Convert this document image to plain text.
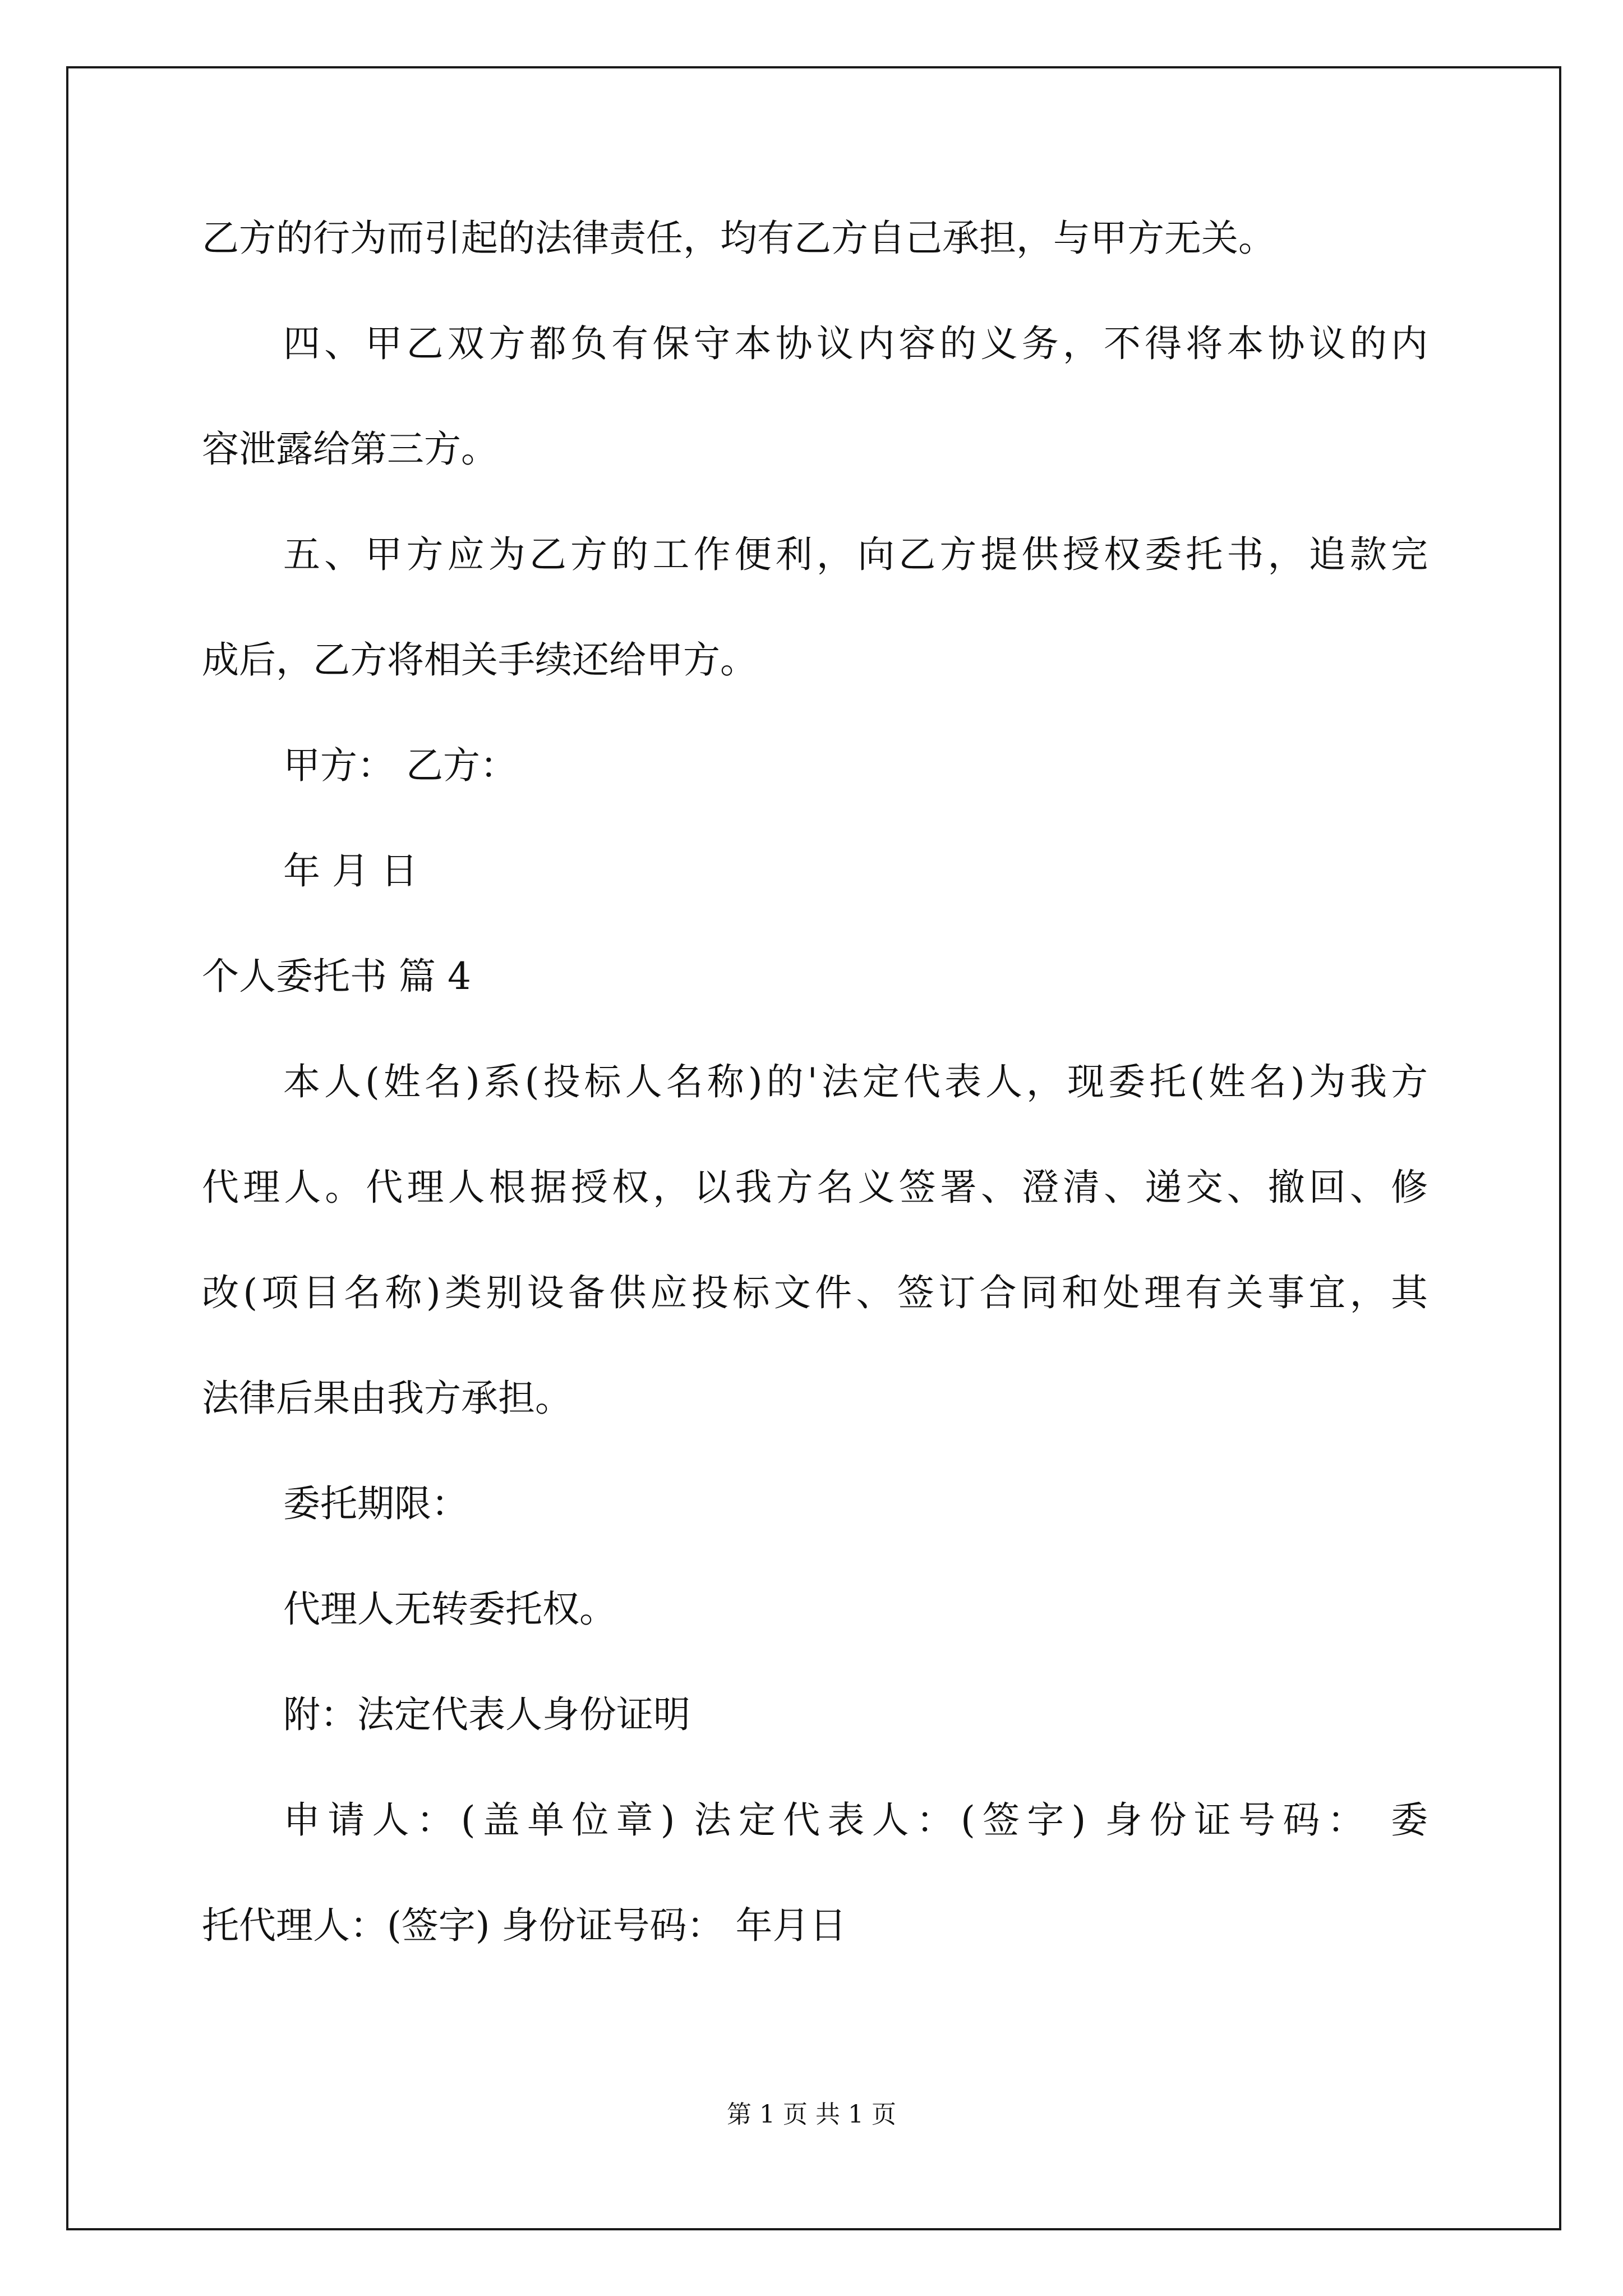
乙方的行为而引起的法律责任，均有乙方自己承担，与甲方无关。

四、甲乙双方都负有保守本协议内容的义务，不得将本协议的内

容泄露给第三方。

五、甲方应为乙方的工作便利，向乙方提供授权委托书，追款完

成后，乙方将相关手续还给甲方。

甲方： 乙方：

年 月 日

个人委托书 篇 4

本人(姓名)系(投标人名称)的'法定代表人，现委托(姓名)为我方

代理人。代理人根据授权，以我方名义签署、澄清、递交、撤回、修

改(项目名称)类别设备供应投标文件、签订合同和处理有关事宜，其

法律后果由我方承担。

委托期限：

代理人无转委托权。

附：法定代表人身份证明

申请人：(盖单位章) 法定代表人：(签字) 身份证号码： 委

托代理人：(签字) 身份证号码： 年月日

第 1 页 共 1 页
